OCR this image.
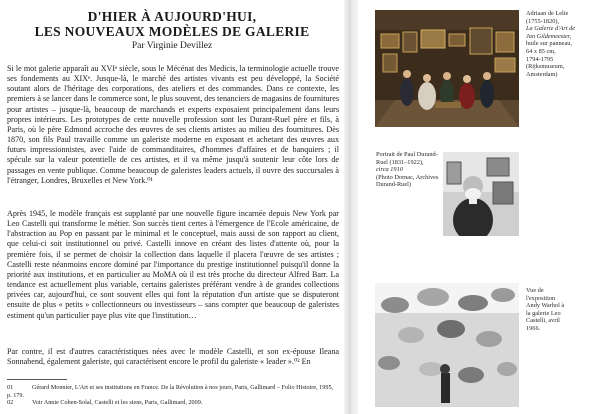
D'HIER À AUJOURD'HUI,
LES NOUVEAUX MODÈLES DE GALERIE
Par Virginie Devillez

Si le mot galerie apparaît au XVIᵉ siècle, sous le Mécénat des Medicis, la terminologie actuelle trouve ses fondements au XIXᵉ. Jusque-là, le marché des artistes vivants est peu développé, la Société soutant alors de l'héritage des corporations, des ateliers et des commandes. Dans ce contexte, les premiers à se lancer dans le commerce sont, le plus souvent, des tenanciers de magasins de fournitures pour artistes – jusque-là, beaucoup de marchands et experts exposaient principalement dans leurs propres intérieurs. Les prototypes de cette nouvelle profession sont les Durant-Ruel père et fils, à Paris, où le père Edmond accroche des œuvres de ses clients artistes au milieu des fournitures. Dès 1870, son fils Paul travaille comme un galeriste moderne en exposant et achetant des œuvres aux futurs impressionnistes, avec l'aide de commanditaires, d'hommes d'affaires et de banquiers ; il spécule sur la valeur potentielle de ces artistes, et il va même jusqu'à soutenir leur côte lors de passages en vente publique. Comme beaucoup de galeristes leaders actuels, il ouvre des succursales à l'étranger, Londres, Bruxelles et New York.⁰¹

Après 1945, le modèle français est supplanté par une nouvelle figure incarnée depuis New York par Leo Castelli qui transforme le métier. Son succès tient certes à l'émergence de l'Ecole américaine, de l'abstraction au Pop en passant par le minimal et le conceptuel, mais aussi de son rapport au client, que celui-ci soit institutionnel ou privé. Castelli innove en créant des listes d'attente où, pour la première fois, il se permet de choisir la collection dans laquelle il placera l'œuvre de ses artistes ; Castelli reste néanmoins encore dominé par l'importance du prestige institutionnel puisqu'il donne la priorité aux institutions, et en particulier au MoMA où il est très proche du directeur Alfred Barr. La tendance est actuellement plus variable, certains galeristes préférant vendre à de grandes collections privées car, aujourd'hui, ce sont souvent elles qui font la réputation d'un artiste que se disputeront ensuite de plus « petits » collectionneurs ou investisseurs – sans compter que beaucoup de galeristes estiment qu'un particulier paye plus vite que l'institution…

Par contre, il est d'autres caractéristiques nées avec le modèle Castelli, et son ex-épouse Ileana Sonnabend, également galeriste, qui caractérisent encore le profil du galeriste « leader ».⁰² En

01	Gérard Monnier, L'Art et ses institutions en France. De la Révolution à nos jours, Paris, Gallimard – Folio Histoire, 1995, p. 179.
02	Voir Annie Cohen-Solal, Castelli et les siens, Paris, Gallimard, 2009.
Adriaan de Lelie
(1755-1820),
La Galerie d'Art de
Jan Gildemeester,
huile sur panneau,
64 x 85 cm,
1794-1795
(Rijksmuseum,
Amsterdam)
Portrait de Paul Durand-
Ruel (1831–1922),
circa 1910
(Photo Dornac, Archives
Durand-Ruel)
Vue de
l'exposition
Andy Warhol à
la galerie Leo
Castelli, avril
1966.
